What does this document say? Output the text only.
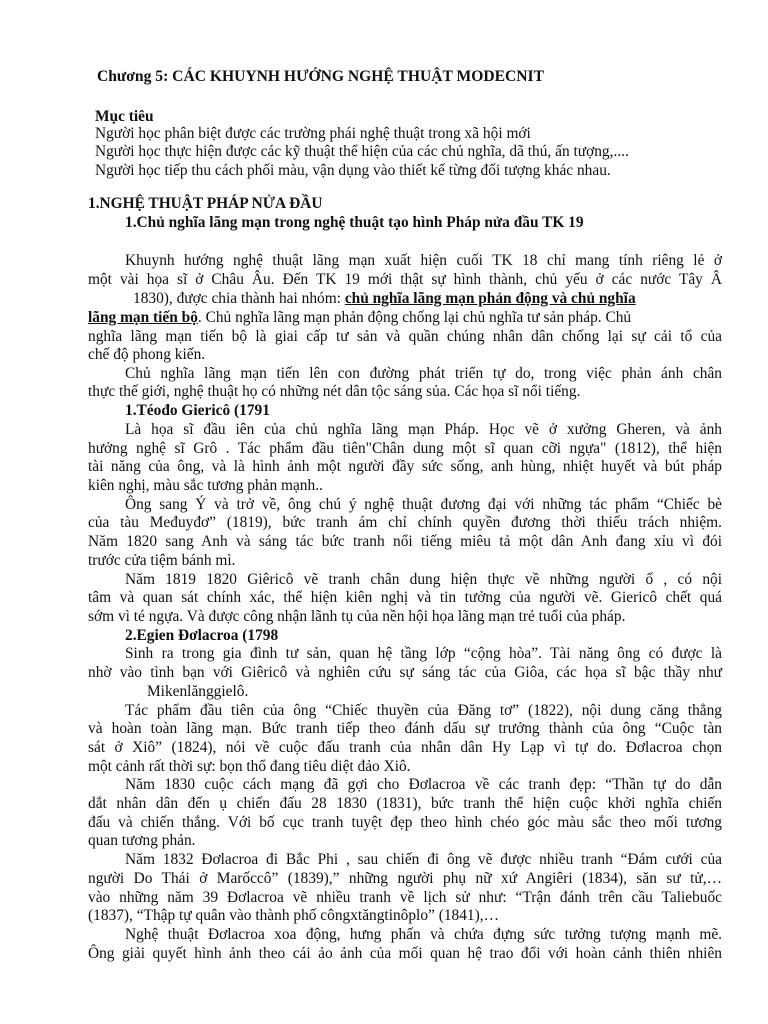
Chương 5: CÁC KHUYNH HƯỚNG NGHỆ THUẬT MODECNIT
Mục tiêu
Người học phân biệt được các trường phái nghệ thuật trong xã hội mới
Người học thực hiện được các kỹ thuật thể hiện của các chủ nghĩa, dã thú, ấn tượng,....
Người học tiếp thu cách phối màu, vận dụng vào thiết kế từng đối tượng khác nhau.
1.NGHỆ THUẬT PHÁP NỬA ĐẦU
1.Chủ nghĩa lãng mạn trong nghệ thuật tạo hình Pháp nửa đầu TK 19
Khuynh hướng nghệ thuật lãng mạn xuất hiện cuối TK 18 chỉ mang tính riêng lẻ ở
một vài họa sĩ ở Châu Âu. Đến TK 19 mới thật sự hình thành, chủ yếu ở các nước Tây Â
1830), được chia thành hai nhóm: chủ nghĩa lãng mạn phản động và chủ nghĩa
lãng mạn tiến bộ. Chủ nghĩa lãng mạn phản động chống lại chủ nghĩa tư sản pháp. Chủ
nghĩa lãng mạn tiến bộ là giai cấp tư sản và quần chúng nhân dân chống lại sự cải tổ của
chế độ phong kiến.
Chủ nghĩa lãng mạn tiến lên con đường phát triển tự do, trong việc phản ánh chân
thực thế giới, nghệ thuật họ có những nét dân tộc sáng sủa. Các họa sĩ nổi tiếng.
1.Téođo Giericô (1791
Là họa sĩ đầu iên của chủ nghĩa lãng mạn Pháp. Học vẽ ở xưởng Gheren, và ảnh
hưởng nghệ sĩ Grô . Tác phẩm đầu tiên"Chân dung một sĩ quan cỡi ngựa" (1812), thể hiện
tài năng của ông, và là hình ảnh một người đầy sức sống, anh hùng, nhiệt huyết và bút pháp
kiên nghị, màu sắc tương phản mạnh..
Ông sang Ý và trở về, ông chú ý nghệ thuật đương đại với những tác phẩm “Chiếc bè
của tàu Međuyđơ” (1819), bức tranh ám chỉ chính quyền đương thời thiếu trách nhiệm.
Năm 1820 sang Anh và sáng tác bức tranh nổi tiếng miêu tả một dân Anh đang xỉu vì đói
trước cửa tiệm bánh mì.
Năm 1819 1820 Giêricô vẽ tranh chân dung hiện thực về những người ố , có nội
tâm và quan sát chính xác, thể hiện kiên nghị và tin tưởng của người vẽ. Giericô chết quá
sớm vì té ngựa. Và được công nhận lãnh tụ của nền hội họa lãng mạn trẻ tuổi của pháp.
2.Egien Đơlacroa (1798
Sinh ra trong gia đình tư sản, quan hệ tầng lớp “cộng hòa”. Tài năng ông có được là
nhờ vào tình bạn với Giêricô và nghiên cứu sự sáng tác của Giôa, các họa sĩ bậc thầy như
Mikenlănggielô.
Tác phẩm đầu tiên của ông “Chiếc thuyền của Đăng tơ” (1822), nội dung căng thẳng
và hoàn toàn lãng mạn. Bức tranh tiếp theo đánh dấu sự trưởng thành của ông “Cuộc tàn
sát ở Xiô” (1824), nói về cuộc đấu tranh của nhân dân Hy Lạp vì tự do. Đơlacroa chọn
một cảnh rất thời sự: bọn thổ đang tiêu diệt đảo Xiô.
Năm 1830 cuộc cách mạng đã gợi cho Đơlacroa về các tranh đẹp: “Thần tự do dẫn
dắt nhân dân đến ụ chiến đấu 28 1830 (1831), bức tranh thể hiện cuộc khởi nghĩa chiến
đấu và chiến thắng. Với bố cục tranh tuyệt đẹp theo hình chéo góc màu sắc theo mối tương
quan tương phản.
Năm 1832 Đơlacroa đi Bắc Phi , sau chiến đi ông vẽ được nhiều tranh “Đám cưới của
người Do Thái ở Marốccô” (1839),” những người phụ nữ xứ Angiêri (1834), săn sư tử,…
vào những năm 39 Đơlacroa vẽ nhiều tranh về lịch sử như: “Trận đánh trên cầu Taliebuốc
(1837), “Thập tự quân vào thành phố côngxtăngtinôplo” (1841),…
Nghệ thuật Đơlacroa xoa động, hưng phấn và chứa đựng sức tưởng tượng mạnh mẽ.
Ông giải quyết hình ảnh theo cái ảo ảnh của mối quan hệ trao đổi với hoàn cảnh thiên nhiên
